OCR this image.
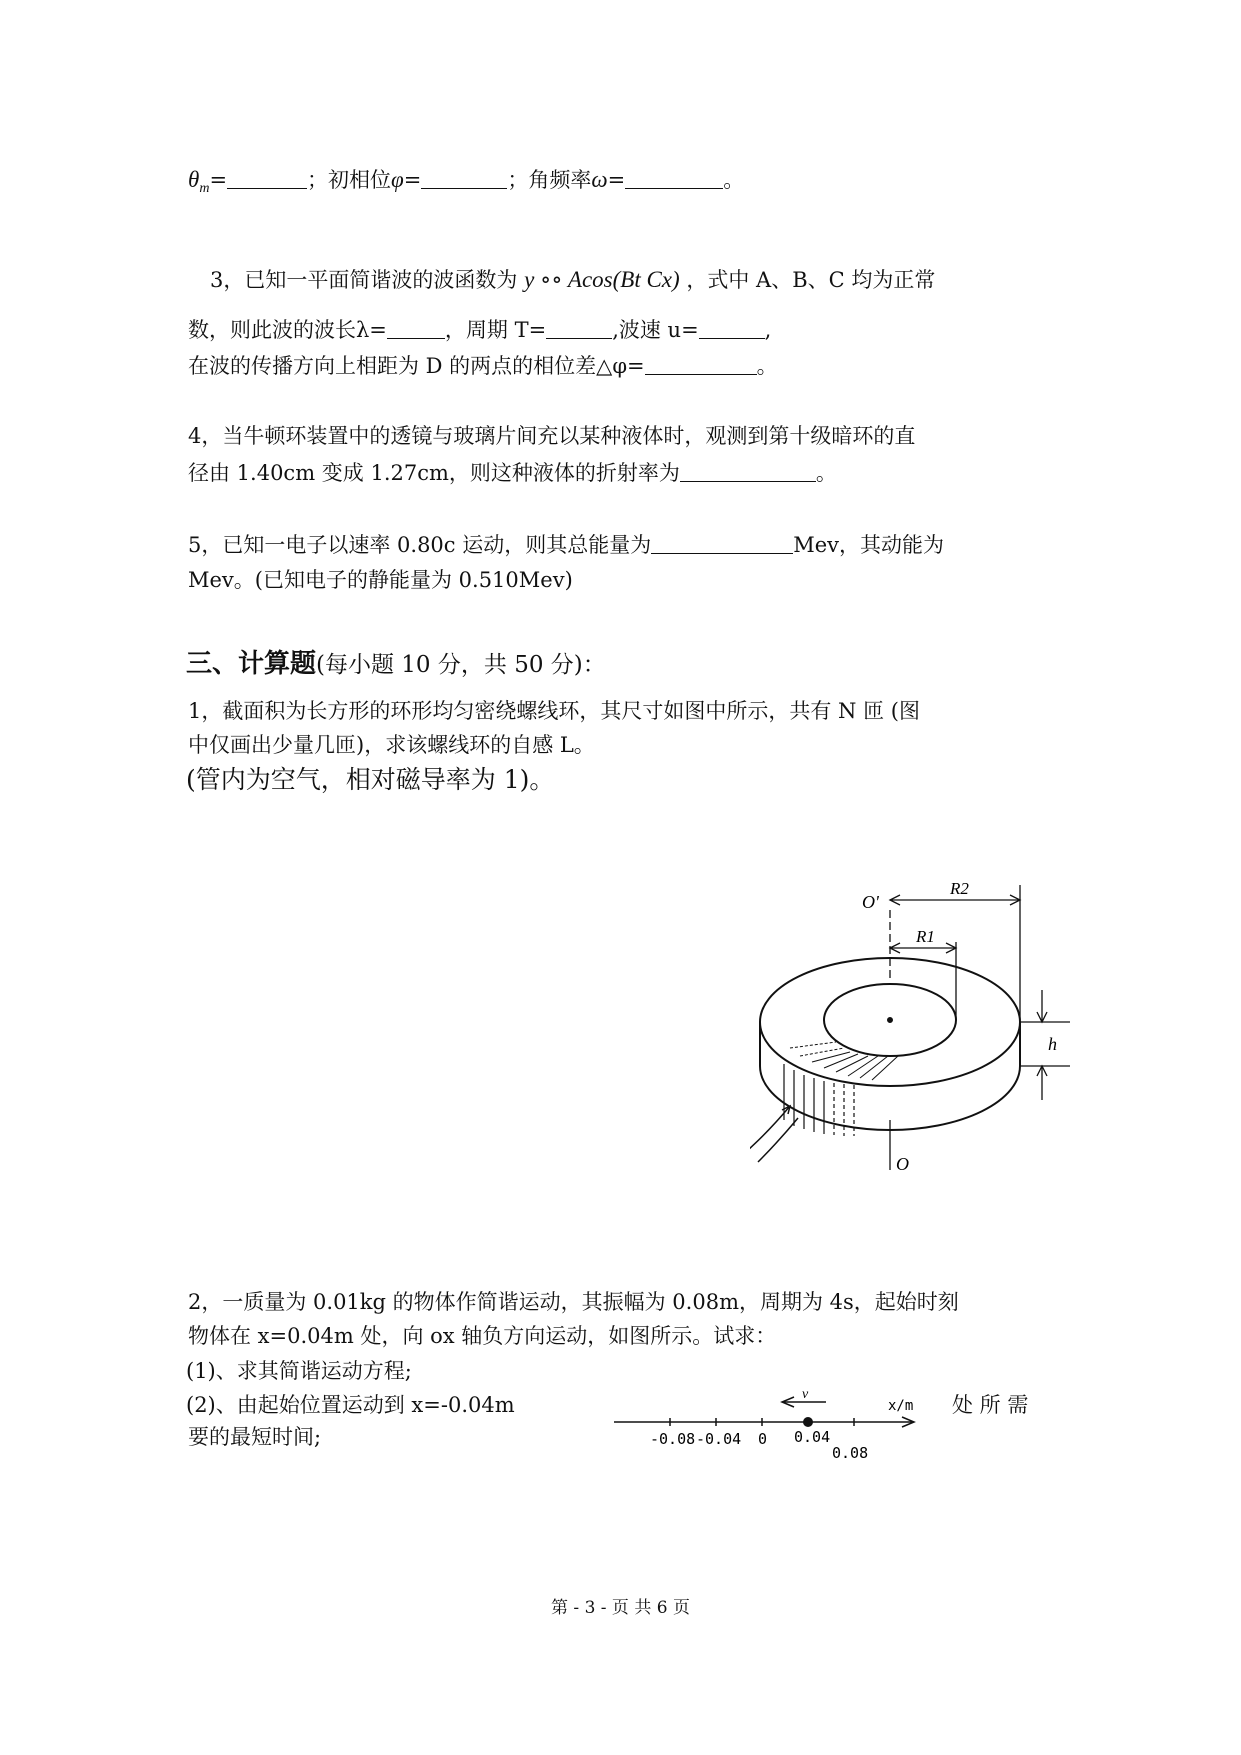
$\theta_m=$	；初相位φ=	；角频率ω=	。
3，已知一平面简谐波的波函数为 y ∘∘ Acos(Bt Cx) ，式中 A、B、C 均为正常
数，则此波的波长λ=	，周期 T=	,波速 u=	,
在波的传播方向上相距为 D 的两点的相位差△φ=	。
4，当牛顿环装置中的透镜与玻璃片间充以某种液体时，观测到第十级暗环的直
径由 1.40cm 变成 1.27cm，则这种液体的折射率为	。
5，已知一电子以速率 0.80c 运动，则其总能量为	Mev，其动能为
Mev。(已知电子的静能量为 0.510Mev)
三、计算题(每小题 10 分，共 50 分)：
1，截面积为长方形的环形均匀密绕螺线环，其尺寸如图中所示，共有 N 匝 (图
中仅画出少量几匝)，求该螺线环的自感 L。
(管内为空气，相对磁导率为 1)。
O'
R2
R1
h
O
2，一质量为 0.01kg 的物体作简谐运动，其振幅为 0.08m，周期为 4s，起始时刻
物体在 x=0.04m 处，向 ox 轴负方向运动，如图所示。试求：
(1)、求其简谐运动方程;
(2)、由起始位置运动到 x=-0.04m	处 所 需
要的最短时间;
v
x/m
-0.08 -0.04 0 0.04
0.08
第 - 3 - 页 共 6 页
